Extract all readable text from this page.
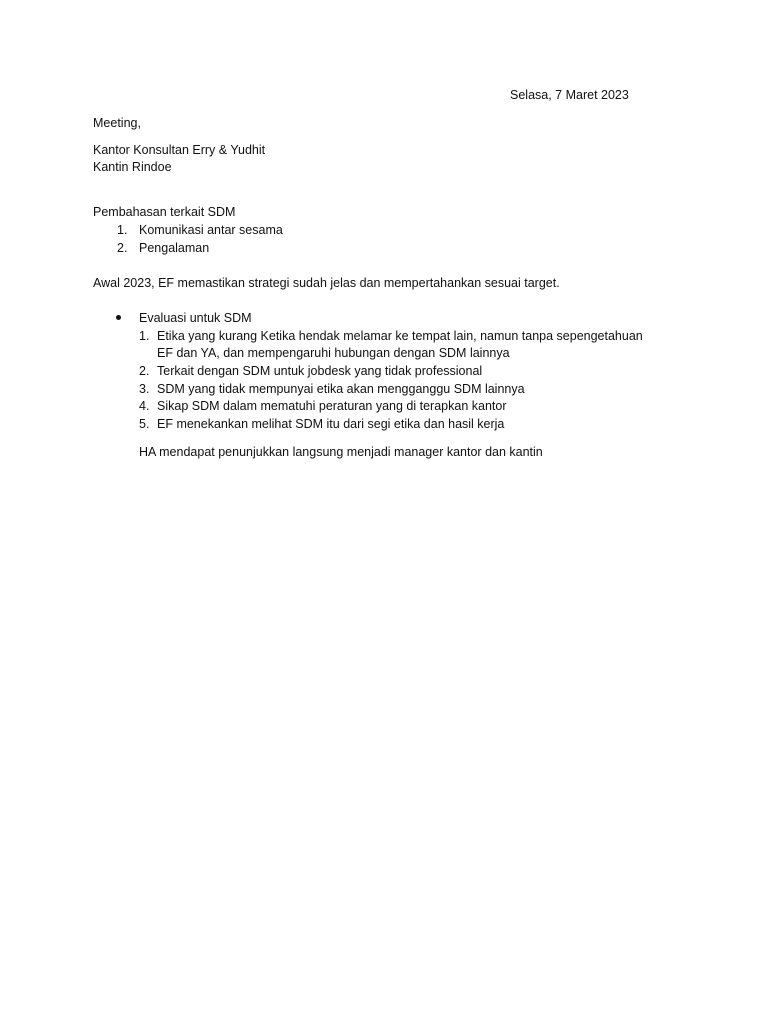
Selasa, 7 Maret 2023
Meeting,
Kantor Konsultan Erry & Yudhit
Kantin Rindoe
Pembahasan terkait SDM
1. Komunikasi antar sesama
2. Pengalaman
Awal 2023, EF memastikan strategi sudah jelas dan mempertahankan sesuai target.
Evaluasi untuk SDM
1. Etika yang kurang Ketika hendak melamar ke tempat lain, namun tanpa sepengetahuan
EF dan YA, dan mempengaruhi hubungan dengan SDM lainnya
2. Terkait dengan SDM untuk jobdesk yang tidak professional
3. SDM yang tidak mempunyai etika akan mengganggu SDM lainnya
4. Sikap SDM dalam mematuhi peraturan yang di terapkan kantor
5. EF menekankan melihat SDM itu dari segi etika dan hasil kerja
HA mendapat penunjukkan langsung menjadi manager kantor dan kantin
